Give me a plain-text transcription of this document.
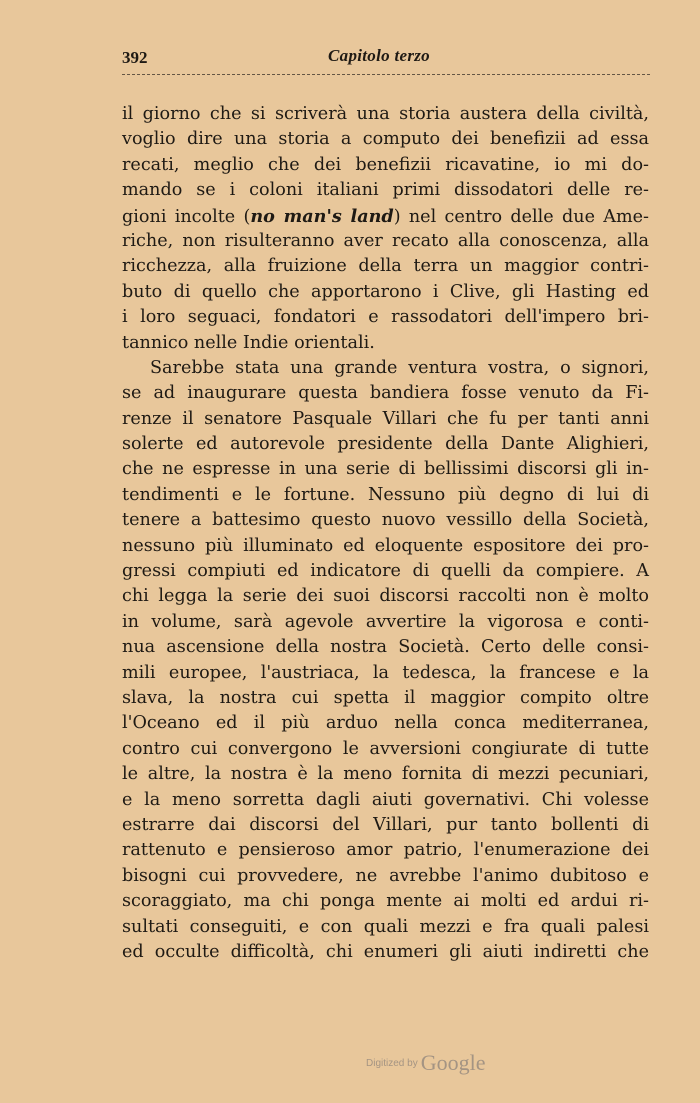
392	Capitolo terzo
il giorno che si scriverà una storia austera della civiltà,
voglio dire una storia a computo dei benefizii ad essa
recati, meglio che dei benefizii ricavatine, io mi do-
mando se i coloni italiani primi dissodatori delle re-
gioni incolte (no man's land) nel centro delle due Ame-
riche, non risulteranno aver recato alla conoscenza, alla
ricchezza, alla fruizione della terra un maggior contri-
buto di quello che apportarono i Clive, gli Hasting ed
i loro seguaci, fondatori e rassodatori dell'impero bri-
tannico nelle Indie orientali.
Sarebbe stata una grande ventura vostra, o signori,
se ad inaugurare questa bandiera fosse venuto da Fi-
renze il senatore Pasquale Villari che fu per tanti anni
solerte ed autorevole presidente della Dante Alighieri,
che ne espresse in una serie di bellissimi discorsi gli in-
tendimenti e le fortune. Nessuno più degno di lui di
tenere a battesimo questo nuovo vessillo della Società,
nessuno più illuminato ed eloquente espositore dei pro-
gressi compiuti ed indicatore di quelli da compiere. A
chi legga la serie dei suoi discorsi raccolti non è molto
in volume, sarà agevole avvertire la vigorosa e conti-
nua ascensione della nostra Società. Certo delle consi-
mili europee, l'austriaca, la tedesca, la francese e la
slava, la nostra cui spetta il maggior compito oltre
l'Oceano ed il più arduo nella conca mediterranea,
contro cui convergono le avversioni congiurate di tutte
le altre, la nostra è la meno fornita di mezzi pecuniari,
e la meno sorretta dagli aiuti governativi. Chi volesse
estrarre dai discorsi del Villari, pur tanto bollenti di
rattenuto e pensieroso amor patrio, l'enumerazione dei
bisogni cui provvedere, ne avrebbe l'animo dubitoso e
scoraggiato, ma chi ponga mente ai molti ed ardui ri-
sultati conseguiti, e con quali mezzi e fra quali palesi
ed occulte difficoltà, chi enumeri gli aiuti indiretti che
Digitized by Google
